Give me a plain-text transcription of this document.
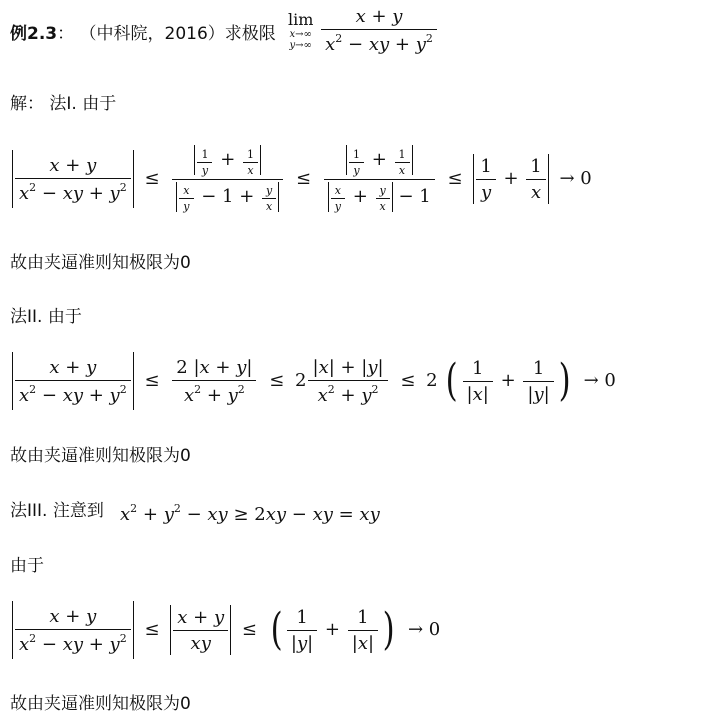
例2.3： （中科院，2016）求极限
lim
x→∞
y→∞
$\frac{x + y}{x^2 - xy + y^2}$
解： 法I. 由于
$\frac{x + y}{x^2 - xy + y^2} \le \frac{\frac{1}{y} + \frac{1}{x}}{\frac{x}{y} - 1 + \frac{y}{x}} \le \frac{\frac{1}{y} + \frac{1}{x}}{\frac{x}{y} + \frac{y}{x} - 1} \le \frac{1}{y} + \frac{1}{x} \to 0$
故由夹逼准则知极限为0
法II. 由于
$\frac{x + y}{x^2 - xy + y^2} \le \frac{2 |x + y|}{x^2 + y^2} \le 2 \frac{|x| + |y|}{x^2 + y^2} \le 2$ ( $\frac{1}{|x|} + \frac{1}{|y|}$ ) → 0
故由夹逼准则知极限为0
法III. 注意到 $x^2 + y^2$ − xy ≥ 2xy − xy = xy
由于
$\frac{x + y}{x^2 - xy + y^2} \le \frac{x + y}{xy}$ ≤ ( $\frac{1}{|y|} + \frac{1}{|x|}$ ) → 0
故由夹逼准则知极限为0
